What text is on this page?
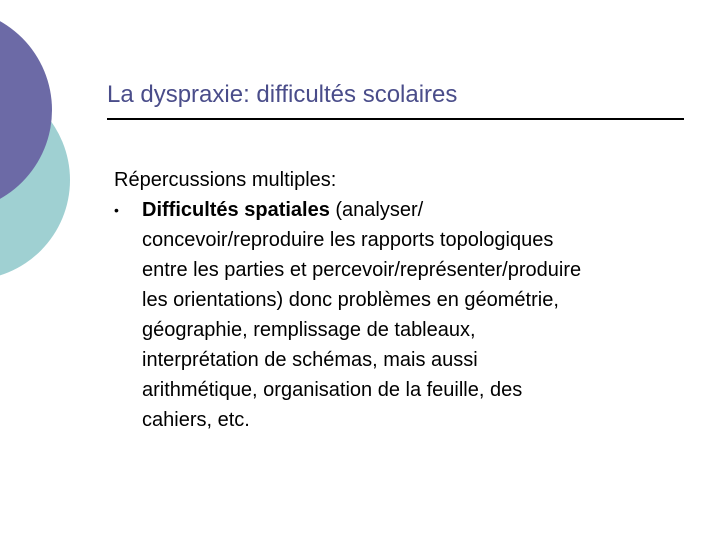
La dyspraxie: difficultés scolaires
Répercussions multiples:
• Difficultés spatiales (analyser/
concevoir/reproduire les rapports topologiques
entre les parties et percevoir/représenter/produire
les orientations) donc problèmes en géométrie,
géographie, remplissage de tableaux,
interprétation de schémas, mais aussi
arithmétique, organisation de la feuille, des
cahiers, etc.
